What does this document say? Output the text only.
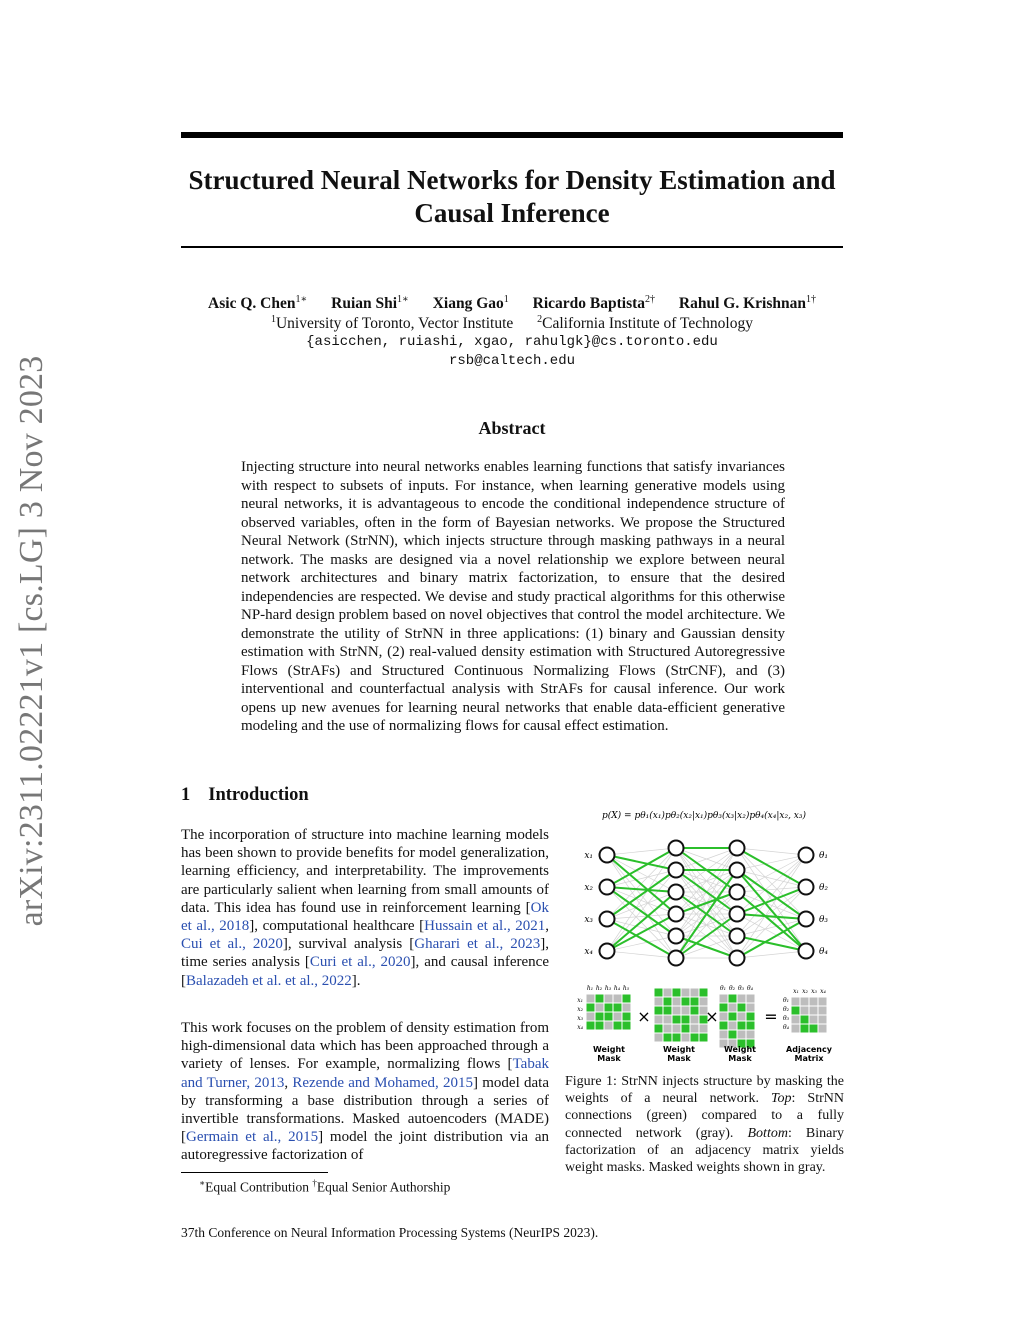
arXiv:2311.02221v1 [cs.LG] 3 Nov 2023
Structured Neural Networks for Density Estimation and Causal Inference
Asic Q. Chen$^{1∗}$ Ruian Shi$^{1∗}$ Xiang Gao$^1$ Ricardo Baptista$^{2\dagger}$ Rahul G. Krishnan$^{1\dagger}$
$^1$University of Toronto, Vector Institute $^2$California Institute of Technology
{asicchen, ruiashi, xgao, rahulgk}@cs.toronto.edu
rsb@caltech.edu
Abstract

Injecting structure into neural networks enables learning functions that satisfy invariances with respect to subsets of inputs. For instance, when learning generative models using neural networks, it is advantageous to encode the conditional independence structure of observed variables, often in the form of Bayesian networks. We propose the Structured Neural Network (StrNN), which injects structure through masking pathways in a neural network. The masks are designed via a novel relationship we explore between neural network architectures and binary matrix factorization, to ensure that the desired independencies are respected. We devise and study practical algorithms for this otherwise NP-hard design problem based on novel objectives that control the model architecture. We demonstrate the utility of StrNN in three applications: (1) binary and Gaussian density estimation with StrNN, (2) real-valued density estimation with Structured Autoregressive Flows (StrAFs) and Structured Continuous Normalizing Flows (StrCNF), and (3) interventional and counterfactual analysis with StrAFs for causal inference. Our work opens up new avenues for learning neural networks that enable data-efficient generative modeling and the use of normalizing flows for causal effect estimation.

1 Introduction

The incorporation of structure into machine learning models has been shown to provide benefits for model generalization, learning efficiency, and interpretability. The improvements are particularly salient when learning from small amounts of data. This idea has found use in reinforcement learning [Ok et al., 2018], computational healthcare [Hussain et al., 2021, Cui et al., 2020], survival analysis [Gharari et al., 2023], time series analysis [Curi et al., 2020], and causal inference [Balazadeh et al. et al., 2022].

This work focuses on the problem of density estimation from high-dimensional data which has been approached through a variety of lenses. For example, normalizing flows [Tabak and Turner, 2013, Rezende and Mohamed, 2015] model data by transforming a base distribution through a series of invertible transformations. Masked autoencoders (MADE) [Germain et al., 2015] model the joint distribution via an autoregressive factorization of

p(X) = pθ₁(x₁)pθ₂(x₂|x₁)pθ₃(x₃|x₂)pθ₄(x₄|x₂, x₃)
x₁
x₂
x₃
x₄
θ₁
θ₂
θ₃
θ₄
h₁ h₂ h₃ h₄ h₅
x₁
x₂
x₃
x₄
θ₁ θ₂ θ₃ θ₄	x₁ x₂ x₃ x₄
θ₁
θ₂
θ₃
θ₄
×	×	=
Weight
Mask
Weight
Mask
Weight
Mask
Adjacency
Matrix

Figure 1: StrNN injects structure by masking the weights of a neural network. Top: StrNN connections (green) compared to a fully connected network (gray). Bottom: Binary factorization of an adjacency matrix yields weight masks. Masked weights shown in gray.

∗Equal Contribution †Equal Senior Authorship

37th Conference on Neural Information Processing Systems (NeurIPS 2023).
